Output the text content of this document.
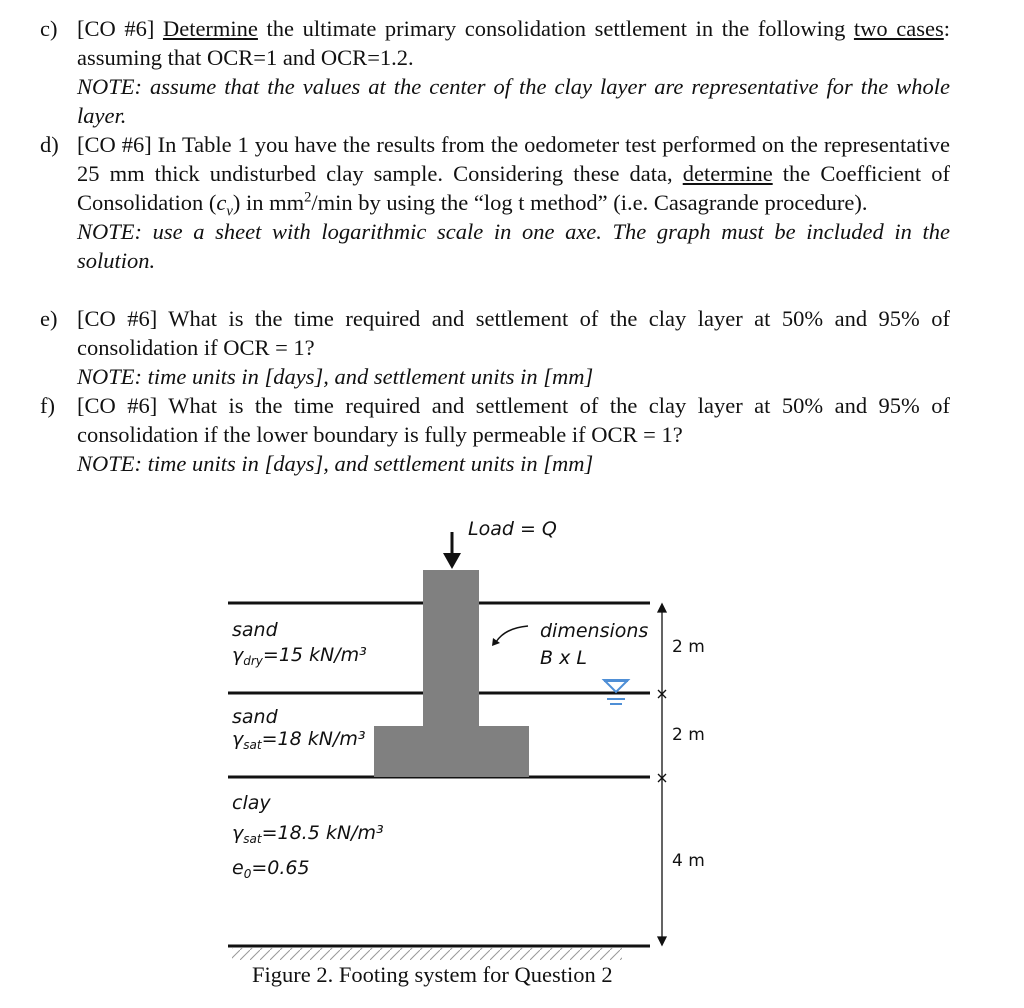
c) [CO #6] Determine the ultimate primary consolidation settlement in the following two cases: assuming that OCR=1 and OCR=1.2.

NOTE: assume that the values at the center of the clay layer are representative for the whole layer.

d) [CO #6] In Table 1 you have the results from the oedometer test performed on the representative 25 mm thick undisturbed clay sample. Considering these data, determine the Coefficient of Consolidation $(c_v)$ in $mm^2/\min$ by using the “log t method” (i.e. Casagrande procedure).

NOTE: use a sheet with logarithmic scale in one axe. The graph must be included in the solution.

e) [CO #6] What is the time required and settlement of the clay layer at 50% and 95% of consolidation if OCR = 1?

NOTE: time units in [days], and settlement units in [mm]

f) [CO #6] What is the time required and settlement of the clay layer at 50% and 95% of consolidation if the lower boundary is fully permeable if OCR = 1?

NOTE: time units in [days], and settlement units in [mm]

Load = Q
dimensions
B x L
sand
$\gamma_{dry}=15$ kN/m³
sand
$\gamma_{sat}=18$ kN/m³
clay
$\gamma_{sat}=18.5$ kN/m³
$e_0=0.65$
2 m
2 m
4 m
Figure 2. Footing system for Question 2
